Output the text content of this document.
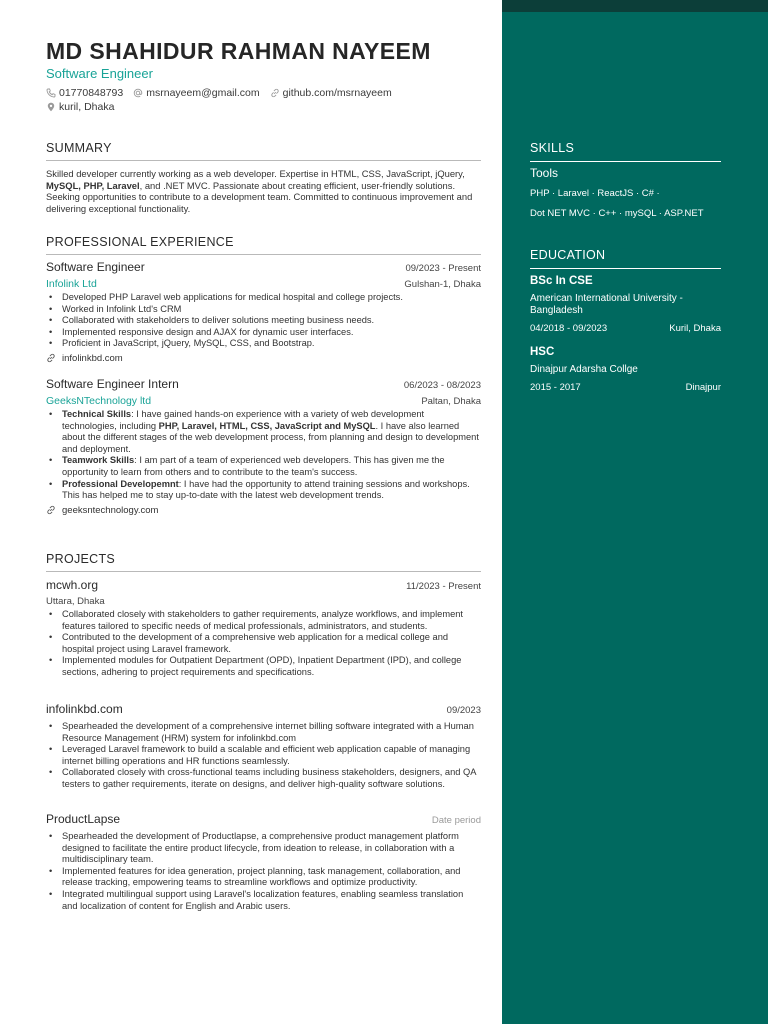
MD SHAHIDUR RAHMAN NAYEEM
Software Engineer
01770848793 msrnayeem@gmail.com github.com/msrnayeem
kuril, Dhaka
SUMMARY
Skilled developer currently working as a web developer. Expertise in HTML, CSS, JavaScript, jQuery, MySQL, PHP, Laravel, and .NET MVC. Passionate about creating efficient, user-friendly solutions. Seeking opportunities to contribute to a development team. Committed to continuous improvement and delivering exceptional functionality.
PROFESSIONAL EXPERIENCE
Software Engineer	09/2023 - Present
Infolink Ltd	Gulshan-1, Dhaka
• Developed PHP Laravel web applications for medical hospital and college projects.
• Worked in Infolink Ltd's CRM
• Collaborated with stakeholders to deliver solutions meeting business needs.
• Implemented responsive design and AJAX for dynamic user interfaces.
• Proficient in JavaScript, jQuery, MySQL, CSS, and Bootstrap.
infolinkbd.com
Software Engineer Intern	06/2023 - 08/2023
GeeksNTechnology ltd	Paltan, Dhaka
• Technical Skills: I have gained hands-on experience with a variety of web development technologies, including PHP, Laravel, HTML, CSS, JavaScript and MySQL. I have also learned about the different stages of the web development process, from planning and design to development and deployment.
• Teamwork Skills: I am part of a team of experienced web developers. This has given me the opportunity to learn from others and to contribute to the team's success.
• Professional Developemnt: I have had the opportunity to attend training sessions and workshops. This has helped me to stay up-to-date with the latest web development trends.
geeksntechnology.com
PROJECTS
mcwh.org	11/2023 - Present
Uttara, Dhaka
• Collaborated closely with stakeholders to gather requirements, analyze workflows, and implement features tailored to specific needs of medical professionals, administrators, and students.
• Contributed to the development of a comprehensive web application for a medical college and hospital project using Laravel framework.
• Implemented modules for Outpatient Department (OPD), Inpatient Department (IPD), and college sections, adhering to project requirements and specifications.
infolinkbd.com	09/2023
• Spearheaded the development of a comprehensive internet billing software integrated with a Human Resource Management (HRM) system for infolinkbd.com
• Leveraged Laravel framework to build a scalable and efficient web application capable of managing internet billing operations and HR functions seamlessly.
• Collaborated closely with cross-functional teams including business stakeholders, designers, and QA testers to gather requirements, iterate on designs, and deliver high-quality software solutions.
ProductLapse	Date period
• Spearheaded the development of Productlapse, a comprehensive product management platform designed to facilitate the entire product lifecycle, from ideation to release, in collaboration with a multidisciplinary team.
• Implemented features for idea generation, project planning, task management, collaboration, and release tracking, empowering teams to streamline workflows and optimize productivity.
• Integrated multilingual support using Laravel's localization features, enabling seamless translation and localization of content for English and Arabic users.
SKILLS
Tools
PHP · Laravel · ReactJS · C# ·
Dot NET MVC · C++ · mySQL · ASP.NET
EDUCATION
BSc In CSE
American International University - Bangladesh
04/2018 - 09/2023	Kuril, Dhaka
HSC
Dinajpur Adarsha Collge
2015 - 2017	Dinajpur
